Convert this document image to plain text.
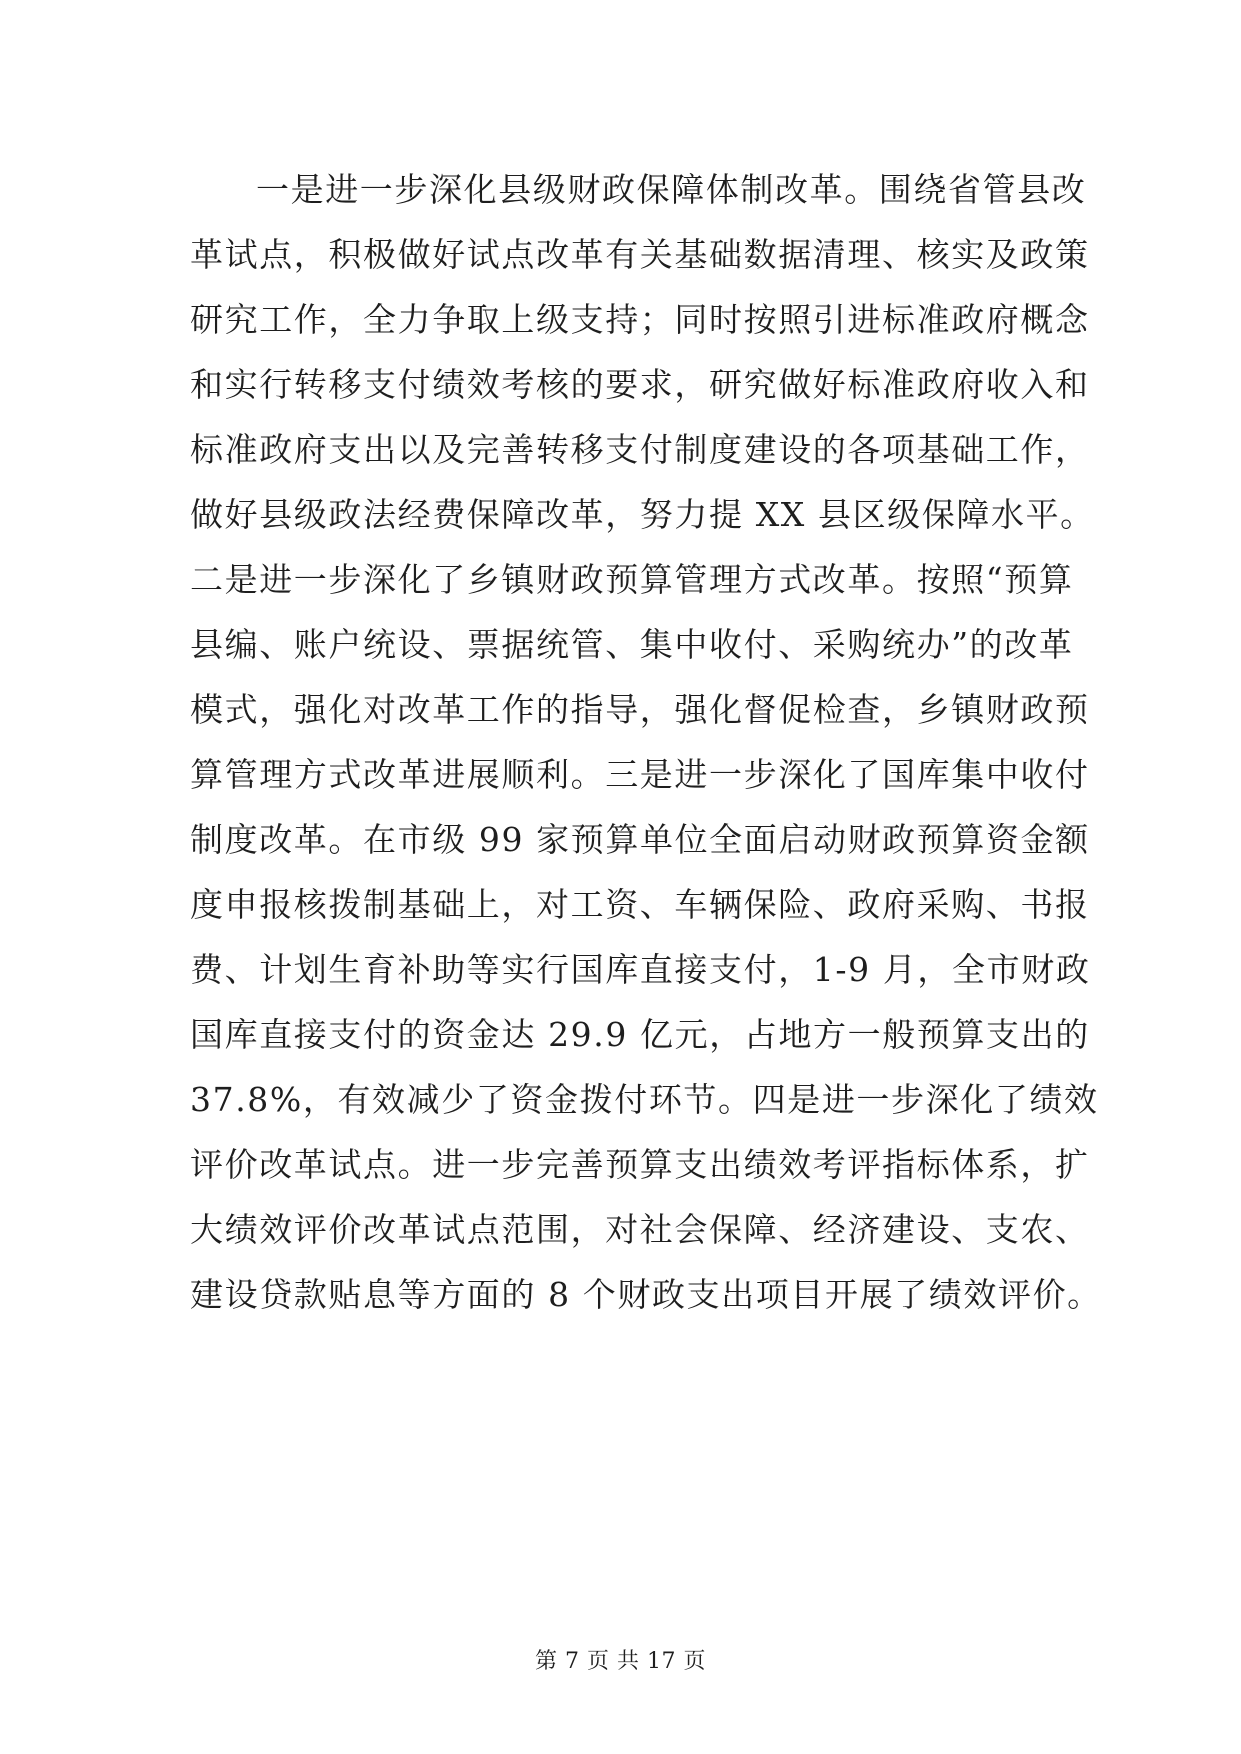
一是进一步深化县级财政保障体制改革。围绕省管县改
革试点，积极做好试点改革有关基础数据清理、核实及政策
研究工作，全力争取上级支持；同时按照引进标准政府概念
和实行转移支付绩效考核的要求，研究做好标准政府收入和
标准政府支出以及完善转移支付制度建设的各项基础工作，
做好县级政法经费保障改革，努力提 XX 县区级保障水平。
二是进一步深化了乡镇财政预算管理方式改革。按照“预算
县编、账户统设、票据统管、集中收付、采购统办”的改革
模式，强化对改革工作的指导，强化督促检查，乡镇财政预
算管理方式改革进展顺利。三是进一步深化了国库集中收付
制度改革。在市级 99 家预算单位全面启动财政预算资金额
度申报核拨制基础上，对工资、车辆保险、政府采购、书报
费、计划生育补助等实行国库直接支付，1-9 月，全市财政
国库直接支付的资金达 29.9 亿元，占地方一般预算支出的
37.8%，有效减少了资金拨付环节。四是进一步深化了绩效
评价改革试点。进一步完善预算支出绩效考评指标体系，扩
大绩效评价改革试点范围，对社会保障、经济建设、支农、
建设贷款贴息等方面的 8 个财政支出项目开展了绩效评价。
第 7 页 共 17 页
